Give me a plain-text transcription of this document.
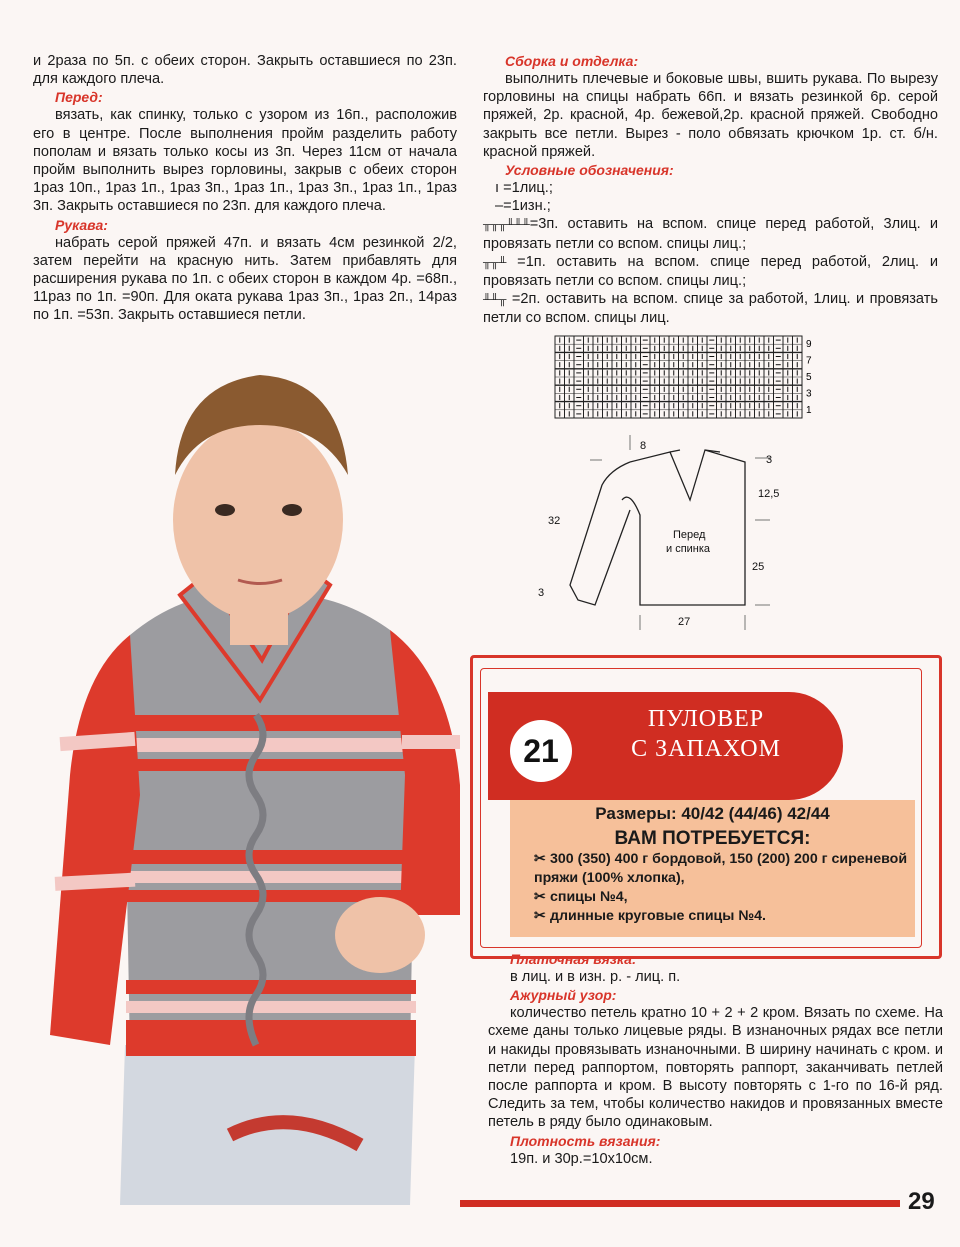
и 2раза по 5п. с обеих сторон. Закрыть оставшиеся по 23п. для каждого плеча.

Перед:

вязать, как спинку, только с узором из 16п., расположив его в центре. После выполнения пройм разделить работу пополам и вязать только косы из 3п. Через 11см от начала пройм выполнить вырез горловины, закрыв с обеих сторон 1раз 10п., 1раз 1п., 1раз 3п., 1раз 1п., 1раз 3п., 1раз 1п., 1раз 3п. Закрыть оставшиеся по 23п. для каждого плеча.

Рукава:

набрать серой пряжей 47п. и вязать 4см резинкой 2/2, затем перейти на красную нить. Затем прибавлять для расширения рукава по 1п. с обеих сторон в каждом 4р. =68п., 11раз по 1п. =90п. Для оката рукава 1раз 3п., 1раз 2п., 14раз по 1п. =53п. Закрыть оставшиеся петли.

Сборка и отделка:

выполнить плечевые и боковые швы, вшить рукава. По вырезу горловины на спицы набрать 66п. и вязать резинкой 6р. серой пряжей, 2р. красной, 4р. бежевой,2р. красной пряжей. Свободно закрыть все петли. Вырез - поло обвязать крючком 1р. ст. б/н. красной пряжей.

Условные обозначения:

ı =1лиц.;

–=1изн.;

╥╥╥╨╨╨=3п. оставить на вспом. спице перед работой, 3лиц. и провязать петли со вспом. спицы лиц.;

╥╥╨ =1п. оставить на вспом. спице перед работой, 2лиц. и провязать петли со вспом. спицы лиц.;

╨╨╥ =2п. оставить на вспом. спице за работой, 1лиц. и провязать петли со вспом. спицы лиц.

9
7
5
3
1
8
3
12,5
32
3
25
27
Перед
и спинка
21
ПУЛОВЕР
С ЗАПАХОМ
Размеры: 40/42 (44/46) 42/44
ВАМ ПОТРЕБУЕТСЯ:
✂ 300 (350) 400 г бордовой, 150 (200) 200 г сиреневой пряжи (100% хлопка),
✂ спицы №4,
✂ длинные круговые спицы №4.
Платочная вязка:

в лиц. и в изн. р. - лиц. п.

Ажурный узор:

количество петель кратно 10 + 2 + 2 кром. Вязать по схеме. На схеме даны только лицевые ряды. В изнаночных рядах все петли и накиды провязывать изнаночными. В ширину начинать с кром. и петли перед раппортом, повторять раппорт, заканчивать петлей после раппорта и кром. В высоту повторять с 1-го по 16-й ряд. Следить за тем, чтобы количество накидов и провязанных вместе петель в ряду было одинаковым.

Плотность вязания:

19п. и 30р.=10х10см.

29
